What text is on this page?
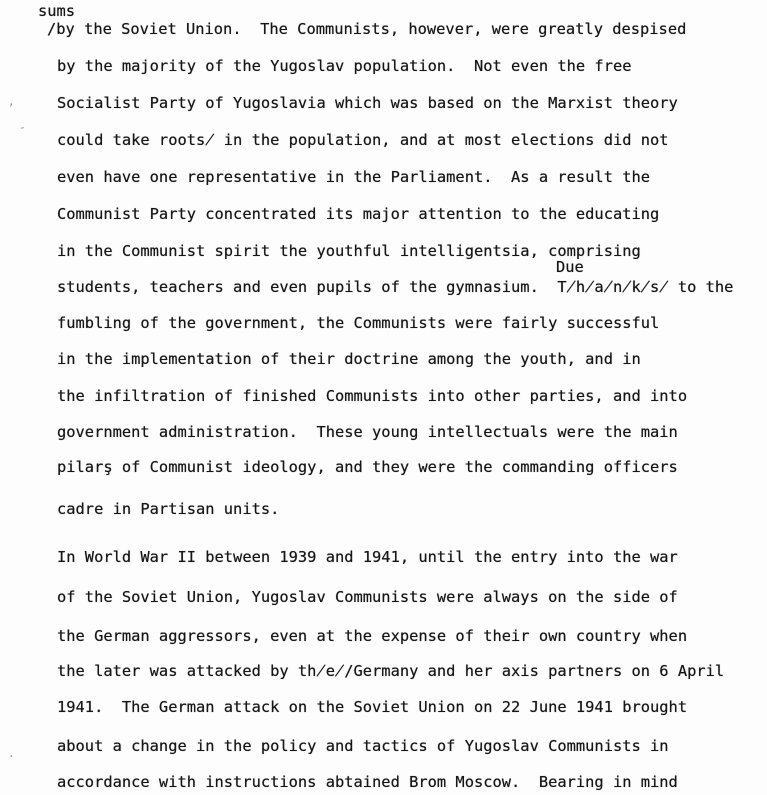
sums
Due
/by the Soviet Union.  The Communists, however, were greatly despised
by the majority of the Yugoslav population.  Not even the free
Socialist Party of Yugoslavia which was based on the Marxist theory
could take roots̸ in the population, and at most elections did not
even have one representative in the Parliament.  As a result the
Communist Party concentrated its major attention to the educating
in the Communist spirit the youthful intelligentsia, comprising
students, teachers and even pupils of the gymnasium.  T̸h̸a̸n̸k̸s̸ to the
fumbling of the government, the Communists were fairly successful
in the implementation of their doctrine among the youth, and in
the infiltration of finished Communists into other parties, and into
government administration.  These young intellectuals were the main
pilarş of Communist ideology, and they were the commanding officers
cadre in Partisan units.
In World War II between 1939 and 1941, until the entry into the war
of the Soviet Union, Yugoslav Communists were always on the side of
the German aggressors, even at the expense of their own country when
the later was attacked by th̸e̸/Germany and her axis partners on 6 April
1941.  The German attack on the Soviet Union on 22 June 1941 brought
about a change in the policy and tactics of Yugoslav Communists in
accordance with instructions abtained Brom Moscow.  Bearing in mind
,
-
.
